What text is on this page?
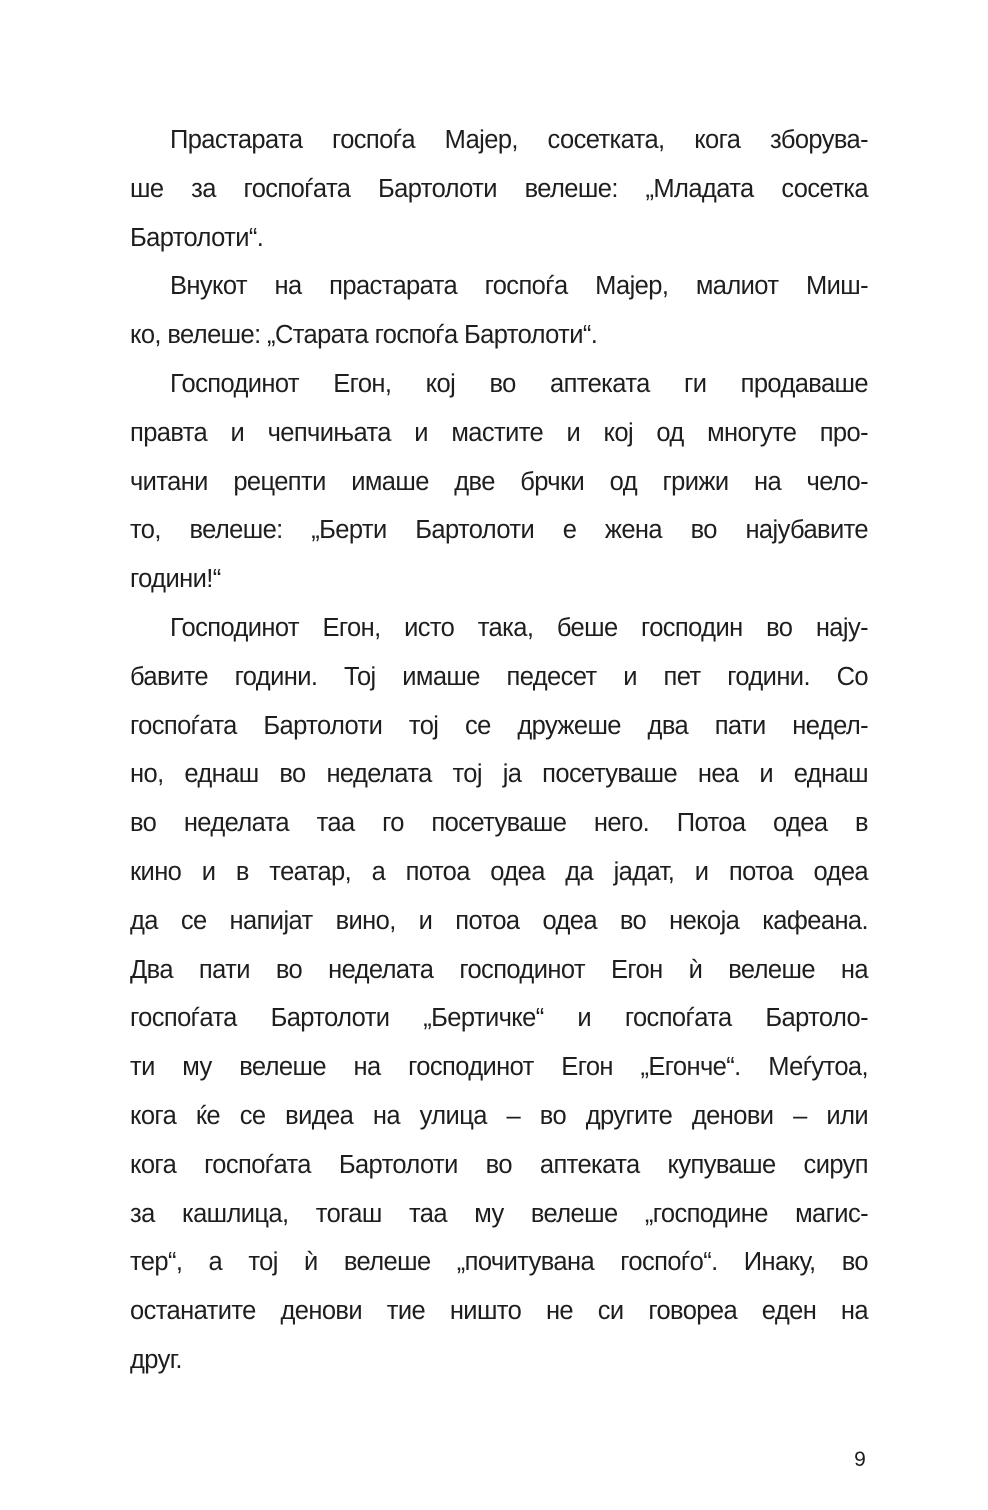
Прастарата госпоѓа Мајер, сосетката, кога зборува-
ше за госпоѓата Бартолоти велеше: „Младата сосетка
Бартолоти“.
Внукот на прастарата госпоѓа Мајер, малиот Миш-
ко, велеше: „Старата госпоѓа Бартолоти“.
Господинот Егон, кој во аптеката ги продаваше
правта и чепчињата и мастите и кој од многуте про-
читани рецепти имаше две брчки од грижи на чело-
то, велеше: „Берти Бартолоти е жена во најубавите
години!“
Господинот Егон, исто така, беше господин во нају-
бавите години. Тој имаше педесет и пет години. Со
госпоѓата Бартолоти тој се дружеше два пати недел-
но, еднаш во неделата тој ја посетуваше неа и еднаш
во неделата таа го посетуваше него. Потоа одеа в
кино и в театар, а потоа одеа да јадат, и потоа одеа
да се напијат вино, и потоа одеа во некоја кафеана.
Два пати во неделата господинот Егон ѝ велеше на
госпоѓата Бартолоти „Бертичке“ и госпоѓата Бартоло-
ти му велеше на господинот Егон „Егонче“. Меѓутоа,
кога ќе се видеа на улица – во другите денови – или
кога госпоѓата Бартолоти во аптеката купуваше сируп
за кашлица, тогаш таа му велеше „господине магис-
тер“, а тој ѝ велеше „почитувана госпоѓо“. Инаку, во
останатите денови тие ништо не си говореа еден на
друг.
9
